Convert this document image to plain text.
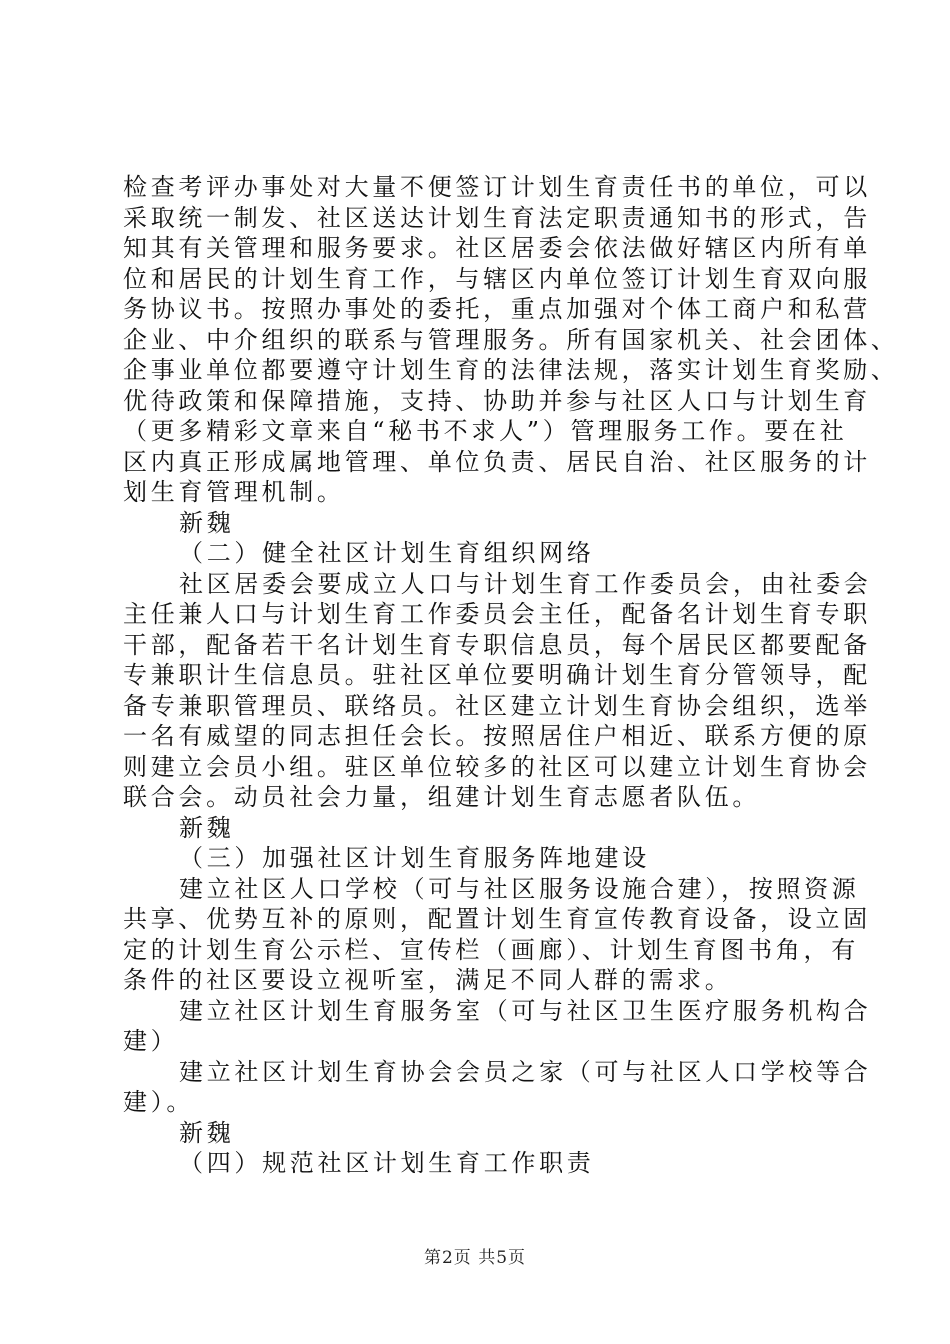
检查考评办事处对大量不便签订计划生育责任书的单位，可以
采取统一制发、社区送达计划生育法定职责通知书的形式，告
知其有关管理和服务要求。社区居委会依法做好辖区内所有单
位和居民的计划生育工作，与辖区内单位签订计划生育双向服
务协议书。按照办事处的委托，重点加强对个体工商户和私营
企业、中介组织的联系与管理服务。所有国家机关、社会团体、
企事业单位都要遵守计划生育的法律法规，落实计划生育奖励、
优待政策和保障措施，支持、协助并参与社区人口与计划生育
（更多精彩文章来自“秘书不求人”）管理服务工作。要在社
区内真正形成属地管理、单位负责、居民自治、社区服务的计
划生育管理机制。
新魏
（二）健全社区计划生育组织网络
社区居委会要成立人口与计划生育工作委员会，由社委会
主任兼人口与计划生育工作委员会主任，配备名计划生育专职
干部，配备若干名计划生育专职信息员，每个居民区都要配备
专兼职计生信息员。驻社区单位要明确计划生育分管领导，配
备专兼职管理员、联络员。社区建立计划生育协会组织，选举
一名有威望的同志担任会长。按照居住户相近、联系方便的原
则建立会员小组。驻区单位较多的社区可以建立计划生育协会
联合会。动员社会力量，组建计划生育志愿者队伍。
新魏
（三）加强社区计划生育服务阵地建设
建立社区人口学校（可与社区服务设施合建），按照资源
共享、优势互补的原则，配置计划生育宣传教育设备，设立固
定的计划生育公示栏、宣传栏（画廊）、计划生育图书角，有
条件的社区要设立视听室，满足不同人群的需求。
建立社区计划生育服务室（可与社区卫生医疗服务机构合
建）
建立社区计划生育协会会员之家（可与社区人口学校等合
建）。
新魏
（四）规范社区计划生育工作职责
第2页 共5页
